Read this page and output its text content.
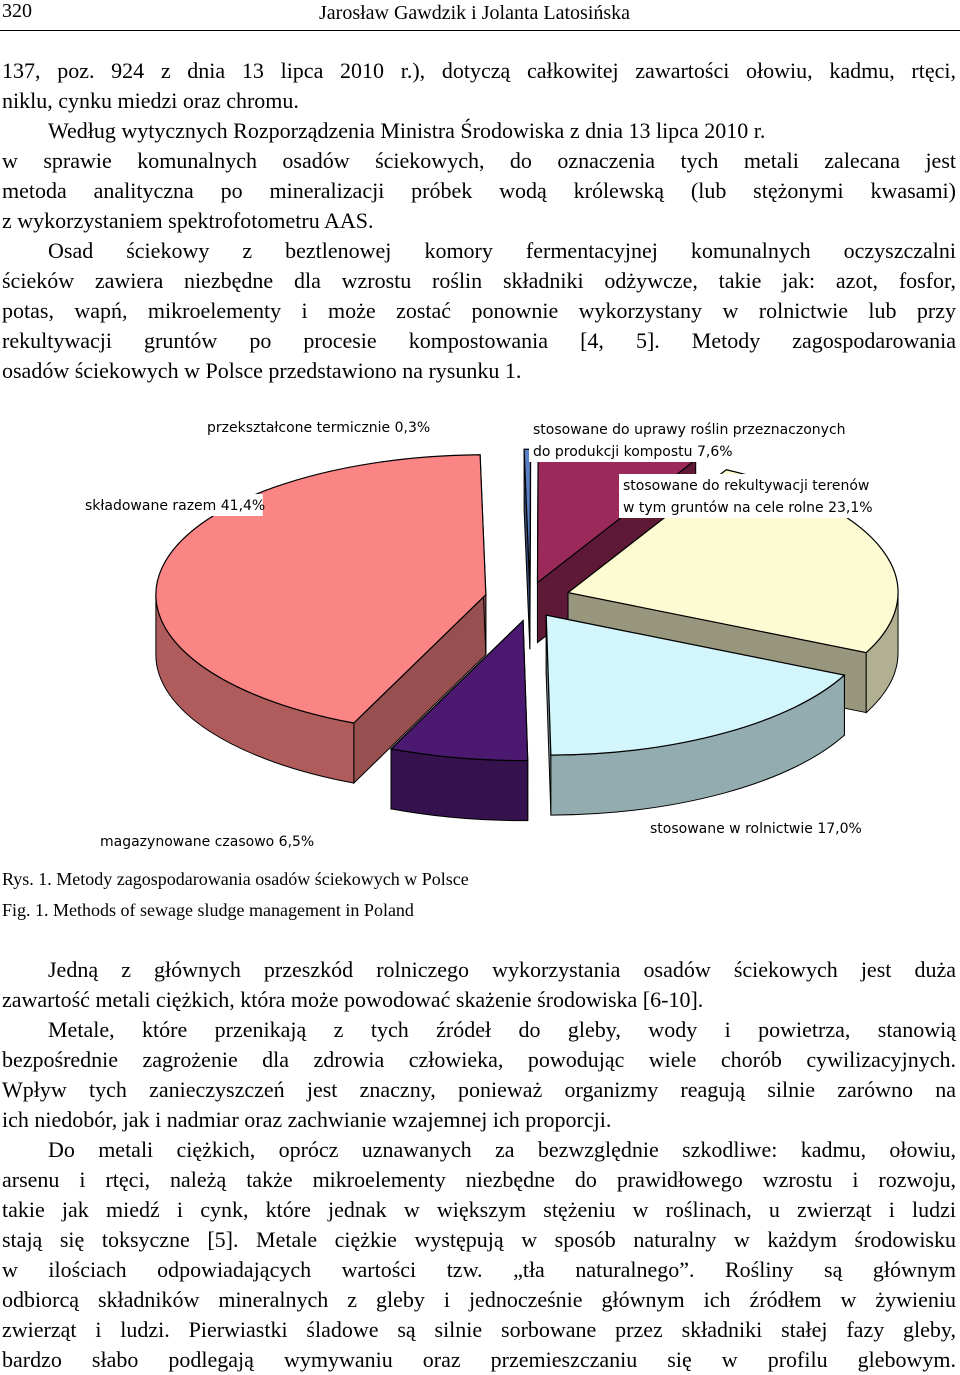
320	Jarosław Gawdzik i Jolanta Latosińska

137, poz. 924 z dnia 13 lipca 2010 r.), dotyczą całkowitej zawartości ołowiu, kadmu, rtęci,
niklu, cynku miedzi oraz chromu.

Według wytycznych Rozporządzenia Ministra Środowiska z dnia 13 lipca 2010 r.
w sprawie komunalnych osadów ściekowych, do oznaczenia tych metali zalecana jest
metoda analityczna po mineralizacji próbek wodą królewską (lub stężonymi kwasami)
z wykorzystaniem spektrofotometru AAS.

Osad ściekowy z beztlenowej komory fermentacyjnej komunalnych oczyszczalni
ścieków zawiera niezbędne dla wzrostu roślin składniki odżywcze, takie jak: azot, fosfor,
potas, wapń, mikroelementy i może zostać ponownie wykorzystany w rolnictwie lub przy
rekultywacji gruntów po procesie kompostowania [4, 5]. Metody zagospodarowania
osadów ściekowych w Polsce przedstawiono na rysunku 1.

przekształcone termicznie 0,3%	stosowane do uprawy roślin przeznaczonych
do produkcji kompostu 7,6%
stosowane do rekultywacji terenów
w tym gruntów na cele rolne 23,1%
stosowane w rolnictwie 17,0%
magazynowane czasowo 6,5%
składowane razem 41,4%
Rys. 1. Metody zagospodarowania osadów ściekowych w Polsce
Fig. 1. Methods of sewage sludge management in Poland

Jedną z głównych przeszkód rolniczego wykorzystania osadów ściekowych jest duża
zawartość metali ciężkich, która może powodować skażenie środowiska [6-10].

Metale, które przenikają z tych źródeł do gleby, wody i powietrza, stanowią
bezpośrednie zagrożenie dla zdrowia człowieka, powodując wiele chorób cywilizacyjnych.
Wpływ tych zanieczyszczeń jest znaczny, ponieważ organizmy reagują silnie zarówno na
ich niedobór, jak i nadmiar oraz zachwianie wzajemnej ich proporcji.

Do metali ciężkich, oprócz uznawanych za bezwzględnie szkodliwe: kadmu, ołowiu,
arsenu i rtęci, należą także mikroelementy niezbędne do prawidłowego wzrostu i rozwoju,
takie jak miedź i cynk, które jednak w większym stężeniu w roślinach, u zwierząt i ludzi
stają się toksyczne [5]. Metale ciężkie występują w sposób naturalny w każdym środowisku
w ilościach odpowiadających wartości tzw. „tła naturalnego”. Rośliny są głównym
odbiorcą składników mineralnych z gleby i jednocześnie głównym ich źródłem w żywieniu
zwierząt i ludzi. Pierwiastki śladowe są silnie sorbowane przez składniki stałej fazy gleby,
bardzo słabo podlegają wymywaniu oraz przemieszczaniu się w profilu glebowym.
